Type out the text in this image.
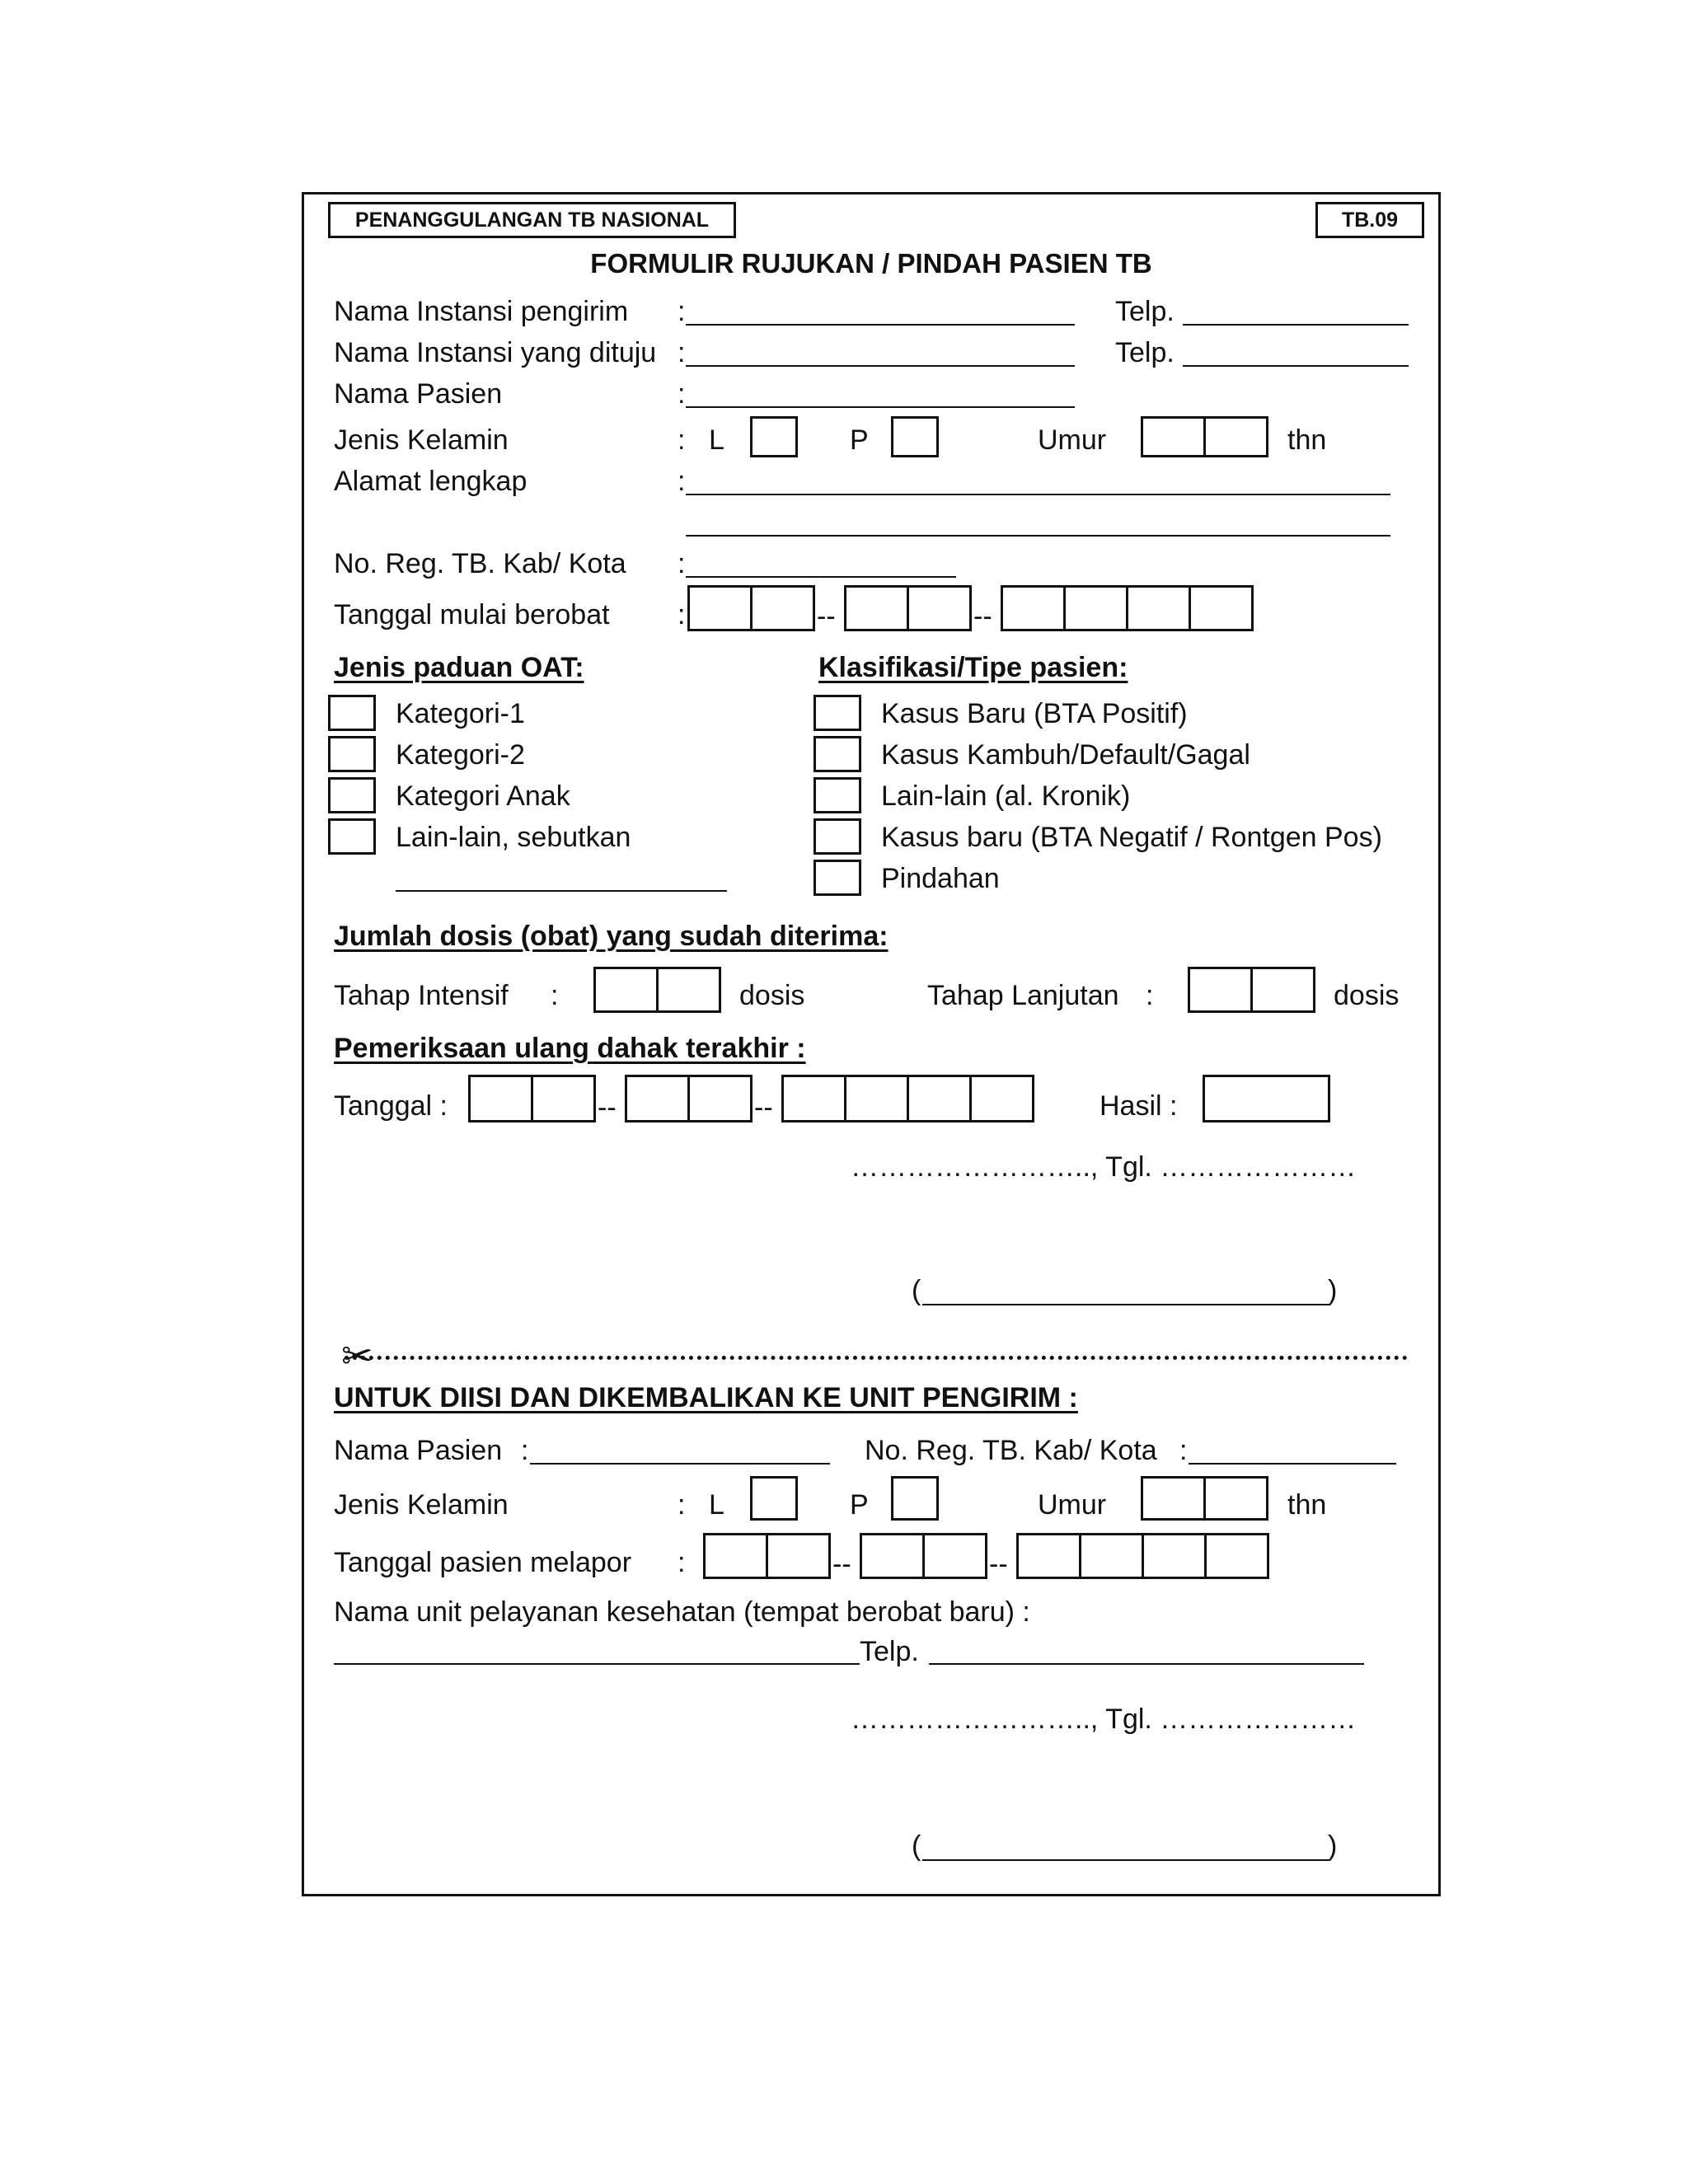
PENANGGULANGAN TB NASIONAL	TB.09
FORMULIR RUJUKAN / PINDAH PASIEN TB
Nama Instansi pengirim :	Telp.
Nama Instansi yang dituju :	Telp.
Nama Pasien	:
Jenis Kelamin	: L	P	Umur	thn
Alamat lengkap	:
No. Reg. TB. Kab/ Kota :
Tanggal mulai berobat :	--	--
Jenis paduan OAT:
Kategori-1
Kategori-2
Kategori Anak
Lain-lain, sebutkan
Klasifikasi/Tipe pasien:
Kasus Baru (BTA Positif)
Kasus Kambuh/Default/Gagal
Lain-lain (al. Kronik)
Kasus baru (BTA Negatif / Rontgen Pos)
Pindahan
Jumlah dosis (obat) yang sudah diterima:
Tahap Intensif :	dosis	Tahap Lanjutan :	dosis
Pemeriksaan ulang dahak terakhir :
Tanggal :	--	--	Hasil :
…………………….., Tgl. …………………
(	)
✂
UNTUK DIISI DAN DIKEMBALIKAN KE UNIT PENGIRIM :
Nama Pasien :	No. Reg. TB. Kab/ Kota :
Jenis Kelamin	: L	P	Umur	thn
Tanggal pasien melapor :	--	--
Nama unit pelayanan kesehatan (tempat berobat baru) :
Telp.
…………………….., Tgl. …………………
(	)
